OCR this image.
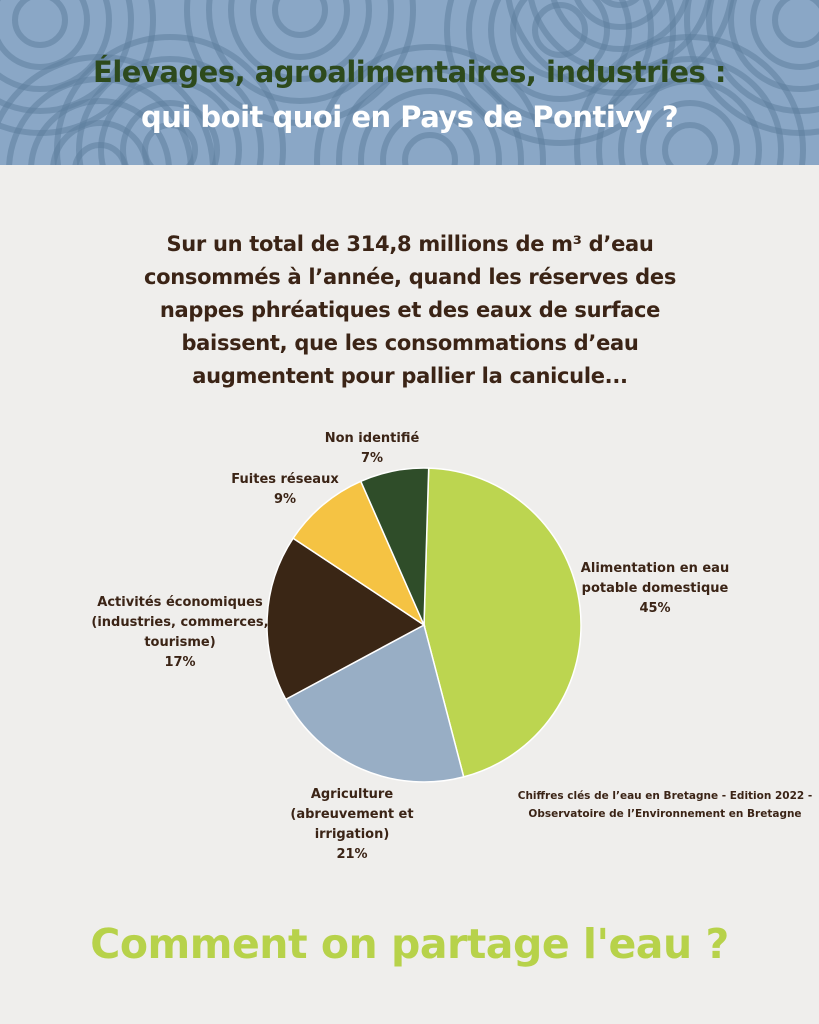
Élevages, agroalimentaires, industries :
qui boit quoi en Pays de Pontivy ?
Sur un total de 314,8 millions de m³ d’eau consommés à l’année, quand les réserves des nappes phréatiques et des eaux de surface baissent, que les consommations d’eau augmentent pour pallier la canicule...
Alimentation en eau potable domestique 45%
Agriculture (abreuvement et irrigation) 21%
Activités économiques (industries, commerces, tourisme) 17%
Fuites réseaux 9%
Non identifié 7%
Chiffres clés de l’eau en Bretagne - Edition 2022 -
Observatoire de l’Environnement en Bretagne
Comment on partage l'eau ?
